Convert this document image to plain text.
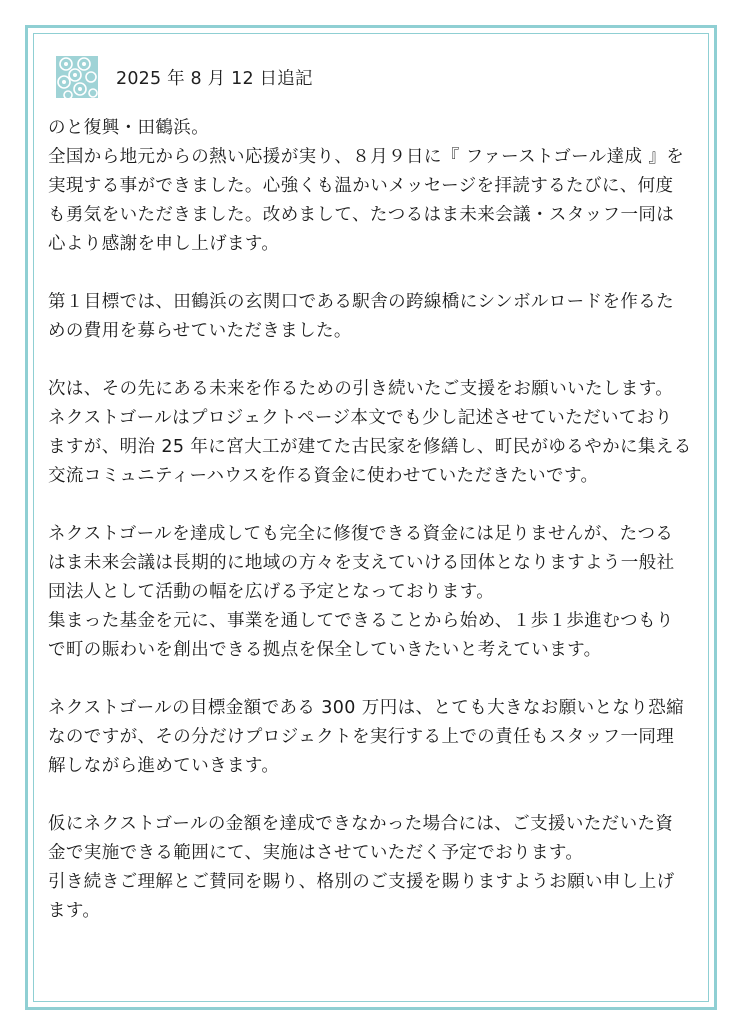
2025 年 8 月 12 日追記

のと復興・田鶴浜。
全国から地元からの熱い応援が実り、８月９日に『 ファーストゴール達成 』を
実現する事ができました。心強くも温かいメッセージを拝読するたびに、何度
も勇気をいただきました。改めまして、たつるはま未来会議・スタッフ一同は
心より感謝を申し上げます。

第１目標では、田鶴浜の玄関口である駅舎の跨線橋にシンボルロードを作るた
めの費用を募らせていただきました。

次は、その先にある未来を作るための引き続いたご支援をお願いいたします。
ネクストゴールはプロジェクトページ本文でも少し記述させていただいており
ますが、明治 25 年に宮大工が建てた古民家を修繕し、町民がゆるやかに集える
交流コミュニティーハウスを作る資金に使わせていただきたいです。

ネクストゴールを達成しても完全に修復できる資金には足りませんが、たつる
はま未来会議は長期的に地域の方々を支えていける団体となりますよう一般社
団法人として活動の幅を広げる予定となっております。
集まった基金を元に、事業を通してできることから始め、１歩１歩進むつもり
で町の賑わいを創出できる拠点を保全していきたいと考えています。

ネクストゴールの目標金額である 300 万円は、とても大きなお願いとなり恐縮
なのですが、その分だけプロジェクトを実行する上での責任もスタッフ一同理
解しながら進めていきます。

仮にネクストゴールの金額を達成できなかった場合には、ご支援いただいた資
金で実施できる範囲にて、実施はさせていただく予定でおります。
引き続きご理解とご賛同を賜り、格別のご支援を賜りますようお願い申し上げ
ます。
